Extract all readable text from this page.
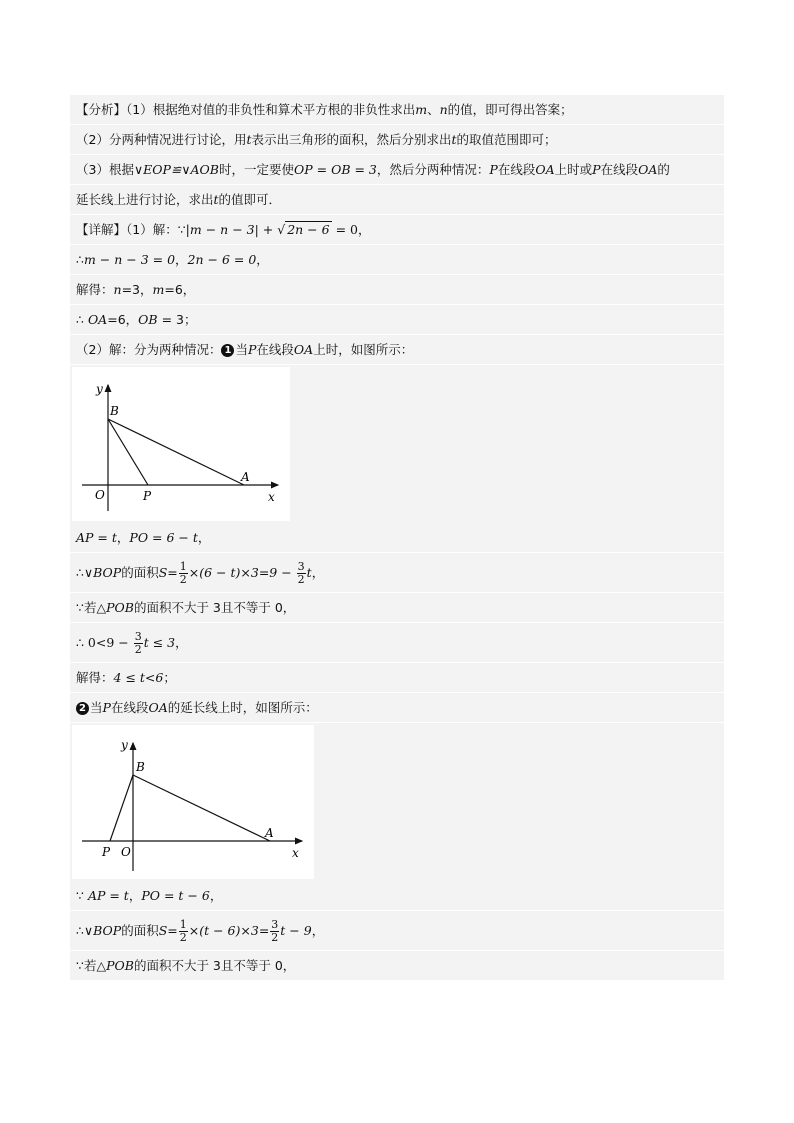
【分析】（1）根据绝对值的非负性和算术平方根的非负性求出m、n的值，即可得出答案；
（2）分两种情况进行讨论，用t表示出三角形的面积，然后分别求出t的取值范围即可；
（3）根据∨EOP≌∨AOB时，一定要使OP = OB = 3，然后分两种情况：P在线段OA上时或P在线段OA的
延长线上进行讨论，求出t的值即可．
【详解】（1）解：∵|m − n − 3| + √ 2n − 6 = 0，
∴m − n − 3 = 0，2n − 6 = 0，
解得：n=3，m=6，
∴ OA=6，OB = 3；
（2）解：分为两种情况： 1 当P在线段OA上时，如图所示：
y
x
B
O	P
A
AP = t，PO = 6 − t，
∴∨BOP的面积$S= \frac{1}{2} \times(6 - t)\times 3=9 - \frac{3}{2}$ t，
∵若△POB的面积不大于 3且不等于 0，
∴ $0<9 - \frac{3}{2}$ t ≤ 3，
解得：4 ≤ t<6；
2 当P在线段OA的延长线上时，如图所示：
y
x
B
O
P
A
∵ AP = t，PO = t − 6，
∴∨BOP的面积$S= \frac{1}{2} \times(t - 6)\times 3= \frac{3}{2}$ t − 9，
∵若△POB的面积不大于 3且不等于 0，
